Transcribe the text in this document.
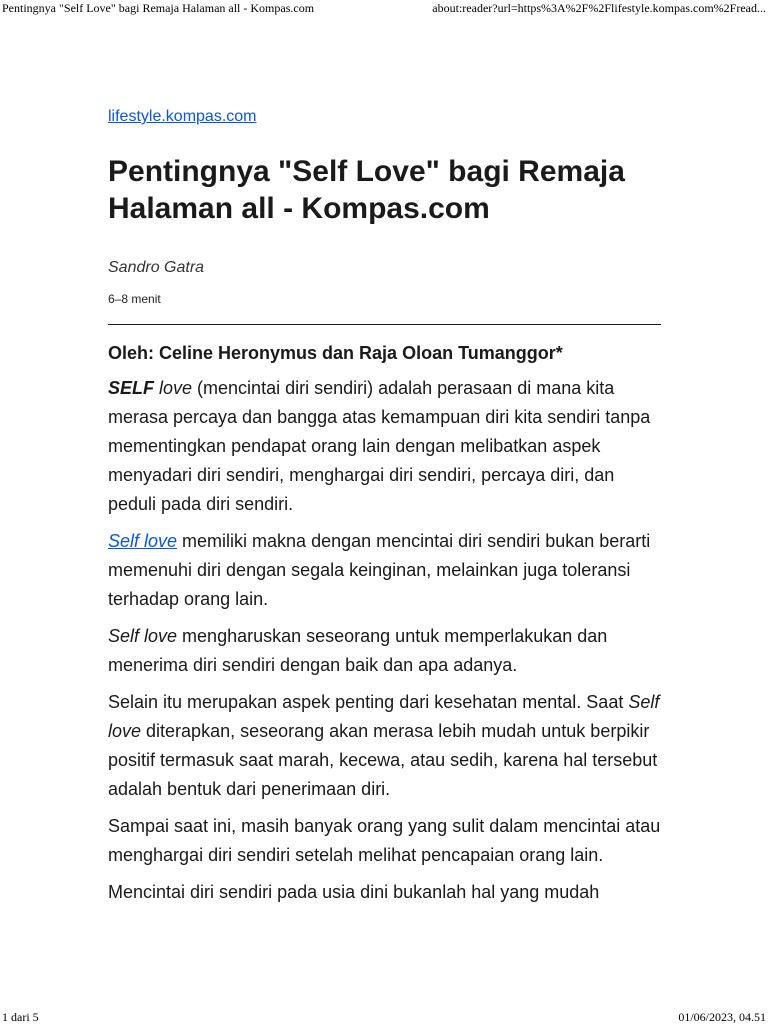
Pentingnya "Self Love" bagi Remaja Halaman all - Kompas.com	about:reader?url=https%3A%2F%2Flifestyle.kompas.com%2Fread...
lifestyle.kompas.com
Pentingnya "Self Love" bagi Remaja Halaman all - Kompas.com
Sandro Gatra
6–8 menit
Oleh: Celine Heronymus dan Raja Oloan Tumanggor*

SELF love (mencintai diri sendiri) adalah perasaan di mana kita merasa percaya dan bangga atas kemampuan diri kita sendiri tanpa mementingkan pendapat orang lain dengan melibatkan aspek menyadari diri sendiri, menghargai diri sendiri, percaya diri, dan peduli pada diri sendiri.

Self love memiliki makna dengan mencintai diri sendiri bukan berarti memenuhi diri dengan segala keinginan, melainkan juga toleransi terhadap orang lain.

Self love mengharuskan seseorang untuk memperlakukan dan menerima diri sendiri dengan baik dan apa adanya.

Selain itu merupakan aspek penting dari kesehatan mental. Saat Self love diterapkan, seseorang akan merasa lebih mudah untuk berpikir positif termasuk saat marah, kecewa, atau sedih, karena hal tersebut adalah bentuk dari penerimaan diri.

Sampai saat ini, masih banyak orang yang sulit dalam mencintai atau menghargai diri sendiri setelah melihat pencapaian orang lain.

Mencintai diri sendiri pada usia dini bukanlah hal yang mudah

1 dari 5	01/06/2023, 04.51
